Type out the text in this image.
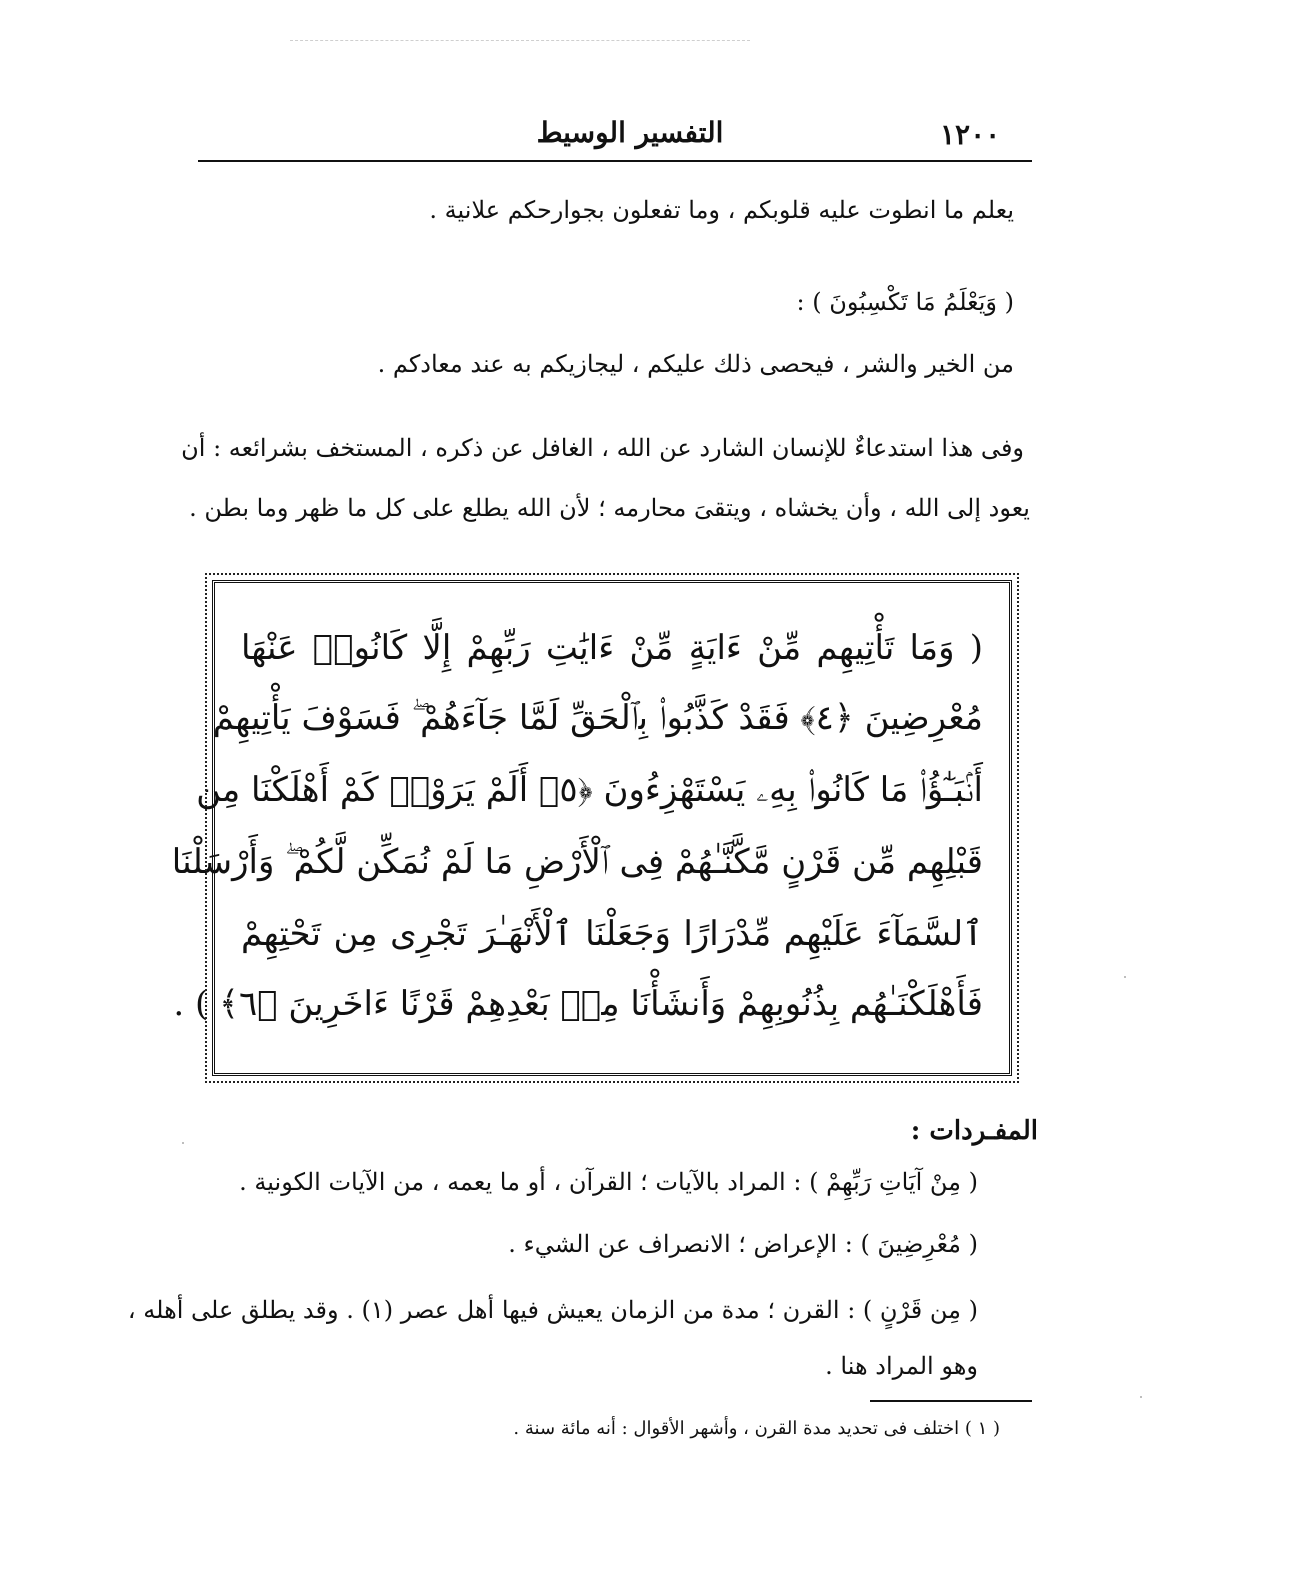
١٢٠٠
التفسير الوسيط
يعلم ما انطوت عليه قلوبكم ، وما تفعلون بجوارحكم علانية .
( وَيَعْلَمُ مَا تَكْسِبُونَ ) :
من الخير والشر ، فيحصى ذلك عليكم ، ليجازيكم به عند معادكم .
وفى هذا استدعاءٌ للإنسان الشارد عن الله ، الغافل عن ذكره ، المستخف بشرائعه : أن
يعود إلى الله ، وأن يخشاه ، ويتقىَ محارمه ؛ لأن الله يطلع على كل ما ظهر وما بطن .
( وَمَا تَأْتِيهِم مِّنْ ءَايَةٍ مِّنْ ءَايَٰتِ رَبِّهِمْ إِلَّا كَانُوا۟ عَنْهَا
مُعْرِضِينَ ﴿٤﴾ فَقَدْ كَذَّبُوا۟ بِٱلْحَقِّ لَمَّا جَآءَهُمْ ۖ فَسَوْفَ يَأْتِيهِمْ
أَنۢبَـٰٓؤُا۟ مَا كَانُوا۟ بِهِۦ يَسْتَهْزِءُونَ ﴿٥﴾ أَلَمْ يَرَوْا۟ كَمْ أَهْلَكْنَا مِن
قَبْلِهِم مِّن قَرْنٍ مَّكَّنَّـٰهُمْ فِى ٱلْأَرْضِ مَا لَمْ نُمَكِّن لَّكُمْ ۖ وَأَرْسَلْنَا
ٱلسَّمَآءَ عَلَيْهِم مِّدْرَارًا وَجَعَلْنَا ٱلْأَنْهَـٰرَ تَجْرِى مِن تَحْتِهِمْ
فَأَهْلَكْنَـٰهُم بِذُنُوبِهِمْ وَأَنشَأْنَا مِنۢ بَعْدِهِمْ قَرْنًا ءَاخَرِينَ ﴿٦﴾ ) .
المفـردات :
( مِنْ آيَاتِ رَبِّهِمْ ) : المراد بالآيات ؛ القرآن ، أو ما يعمه ، من الآيات الكونية .
( مُعْرِضِينَ ) : الإعراض ؛ الانصراف عن الشيء .
( مِن قَرْنٍ ) : القرن ؛ مدة من الزمان يعيش فيها أهل عصر (١) . وقد يطلق على أهله ،
وهو المراد هنا .
( ١ ) اختلف فى تحديد مدة القرن ، وأشهر الأقوال : أنه مائة سنة .
